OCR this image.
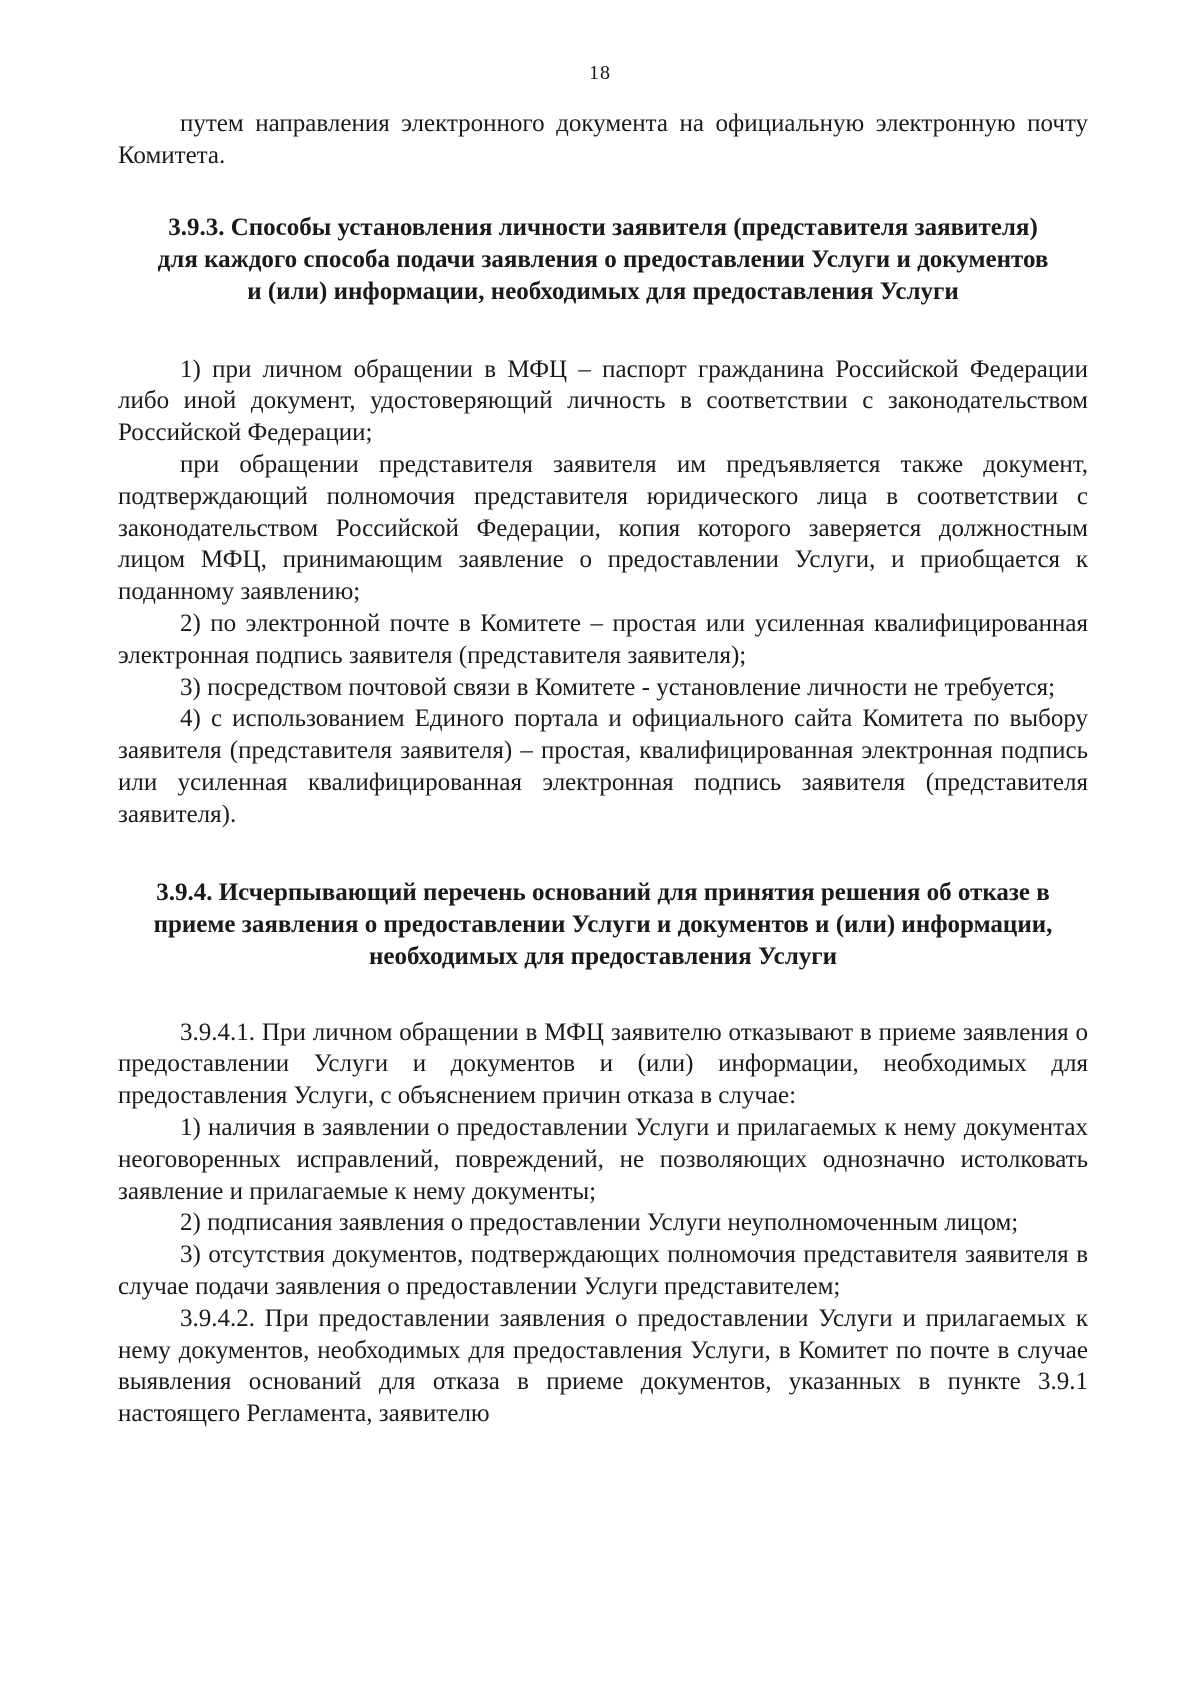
18

путем направления электронного документа на официальную электронную почту Комитета.

3.9.3. Способы установления личности заявителя (представителя заявителя) для каждого способа подачи заявления о предоставлении Услуги и документов и (или) информации, необходимых для предоставления Услуги

1) при личном обращении в МФЦ – паспорт гражданина Российской Федерации либо иной документ, удостоверяющий личность в соответствии с законодательством Российской Федерации;

при обращении представителя заявителя им предъявляется также документ, подтверждающий полномочия представителя юридического лица в соответствии с законодательством Российской Федерации, копия которого заверяется должностным лицом МФЦ, принимающим заявление о предоставлении Услуги, и приобщается к поданному заявлению;

2) по электронной почте в Комитете – простая или усиленная квалифицированная электронная подпись заявителя (представителя заявителя);

3) посредством почтовой связи в Комитете - установление личности не требуется;

4) с использованием Единого портала и официального сайта Комитета по выбору заявителя (представителя заявителя) – простая, квалифицированная электронная подпись или усиленная квалифицированная электронная подпись заявителя (представителя заявителя).

3.9.4. Исчерпывающий перечень оснований для принятия решения об отказе в приеме заявления о предоставлении Услуги и документов и (или) информации, необходимых для предоставления Услуги

3.9.4.1. При личном обращении в МФЦ заявителю отказывают в приеме заявления о предоставлении Услуги и документов и (или) информации, необходимых для предоставления Услуги, с объяснением причин отказа в случае:

1) наличия в заявлении о предоставлении Услуги и прилагаемых к нему документах неоговоренных исправлений, повреждений, не позволяющих однозначно истолковать заявление и прилагаемые к нему документы;

2) подписания заявления о предоставлении Услуги неуполномоченным лицом;

3) отсутствия документов, подтверждающих полномочия представителя заявителя в случае подачи заявления о предоставлении Услуги представителем;

3.9.4.2. При предоставлении заявления о предоставлении Услуги и прилагаемых к нему документов, необходимых для предоставления Услуги, в Комитет по почте в случае выявления оснований для отказа в приеме документов, указанных в пункте 3.9.1 настоящего Регламента, заявителю
